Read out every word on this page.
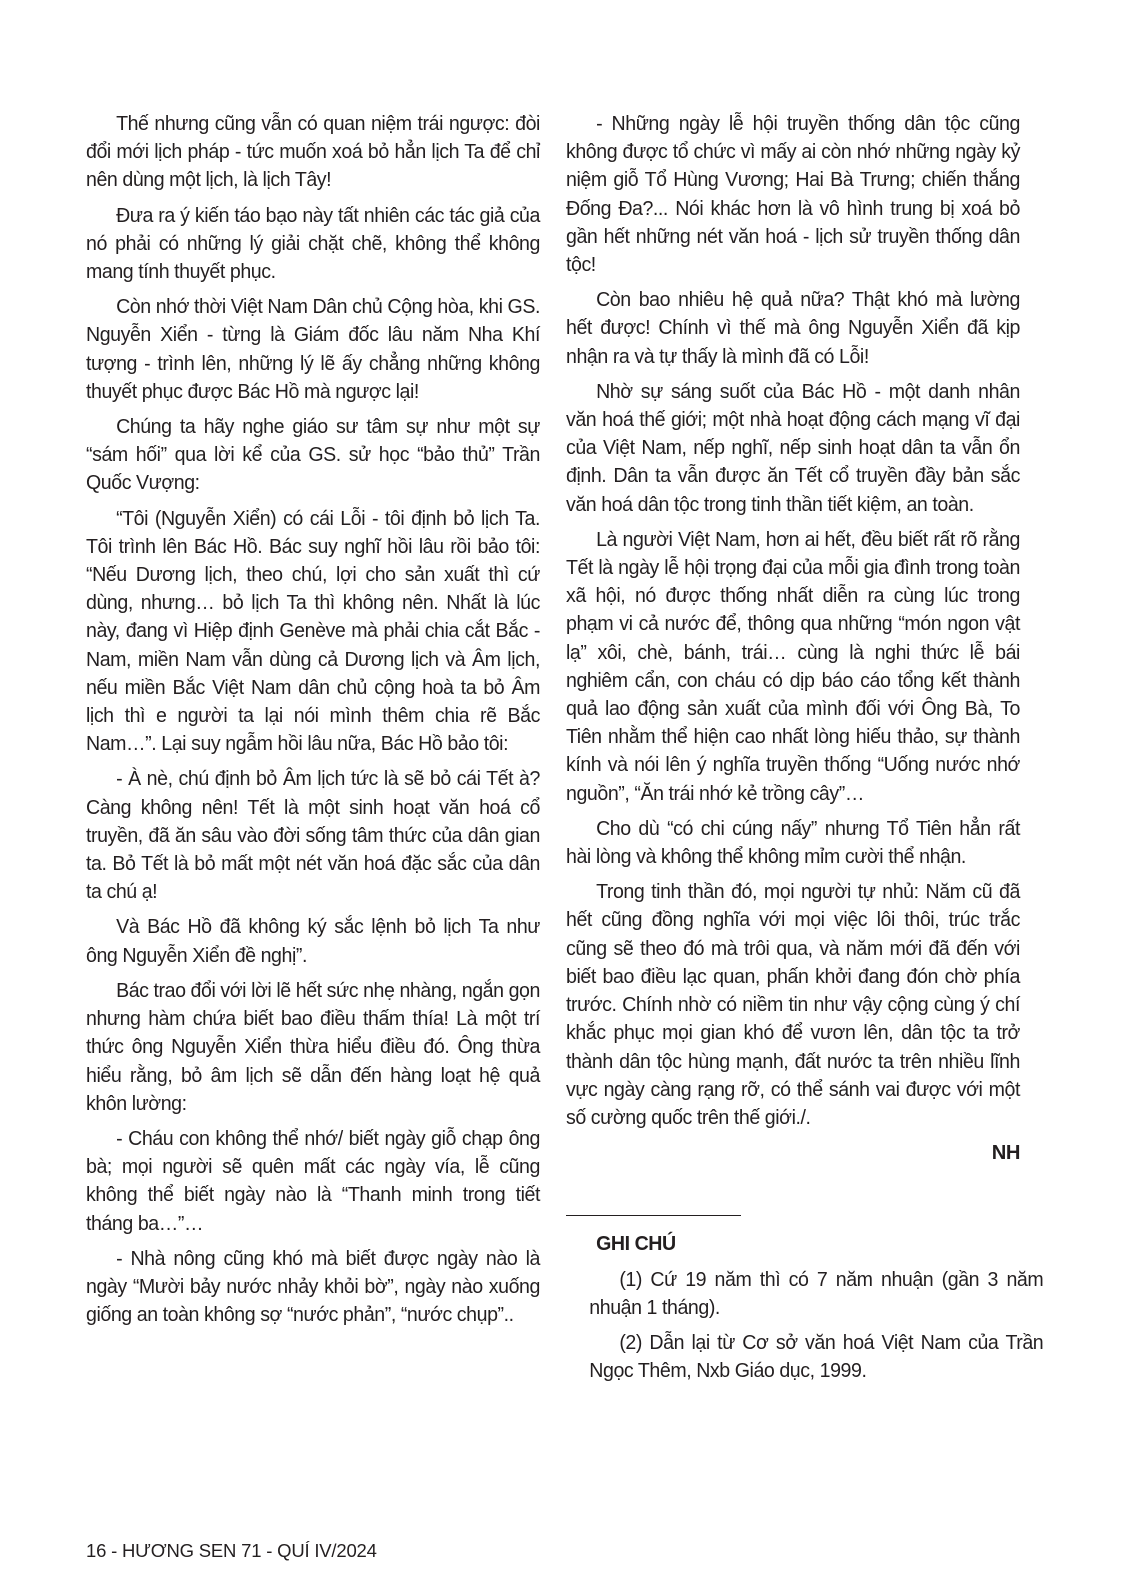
Thế nhưng cũng vẫn có quan niệm trái ngược: đòi đổi mới lịch pháp - tức muốn xoá bỏ hẳn lịch Ta để chỉ nên dùng một lịch, là lịch Tây!

Đưa ra ý kiến táo bạo này tất nhiên các tác giả của nó phải có những lý giải chặt chẽ, không thể không mang tính thuyết phục.

Còn nhớ thời Việt Nam Dân chủ Cộng hòa, khi GS. Nguyễn Xiển - từng là Giám đốc lâu năm Nha Khí tượng - trình lên, những lý lẽ ấy chẳng những không thuyết phục được Bác Hồ mà ngược lại!

Chúng ta hãy nghe giáo sư tâm sự như một sự “sám hối” qua lời kể của GS. sử học “bảo thủ” Trần Quốc Vượng:

“Tôi (Nguyễn Xiển) có cái Lỗi - tôi định bỏ lịch Ta. Tôi trình lên Bác Hồ. Bác suy nghĩ hồi lâu rồi bảo tôi: “Nếu Dương lịch, theo chú, lợi cho sản xuất thì cứ dùng, nhưng… bỏ lịch Ta thì không nên. Nhất là lúc này, đang vì Hiệp định Genève mà phải chia cắt Bắc - Nam, miền Nam vẫn dùng cả Dương lịch và Âm lịch, nếu miền Bắc Việt Nam dân chủ cộng hoà ta bỏ Âm lịch thì e người ta lại nói mình thêm chia rẽ Bắc Nam…”. Lại suy ngẫm hồi lâu nữa, Bác Hồ bảo tôi:

- À nè, chú định bỏ Âm lịch tức là sẽ bỏ cái Tết à? Càng không nên! Tết là một sinh hoạt văn hoá cổ truyền, đã ăn sâu vào đời sống tâm thức của dân gian ta. Bỏ Tết là bỏ mất một nét văn hoá đặc sắc của dân ta chú ạ!

Và Bác Hồ đã không ký sắc lệnh bỏ lịch Ta như ông Nguyễn Xiển đề nghị”.

Bác trao đổi với lời lẽ hết sức nhẹ nhàng, ngắn gọn nhưng hàm chứa biết bao điều thấm thía! Là một trí thức ông Nguyễn Xiển thừa hiểu điều đó. Ông thừa hiểu rằng, bỏ âm lịch sẽ dẫn đến hàng loạt hệ quả khôn lường:

- Cháu con không thể nhớ/ biết ngày giỗ chạp ông bà; mọi người sẽ quên mất các ngày vía, lễ cũng không thể biết ngày nào là “Thanh minh trong tiết tháng ba…”…

- Nhà nông cũng khó mà biết được ngày nào là ngày “Mười bảy nước nhảy khỏi bờ”, ngày nào xuống giống an toàn không sợ “nước phản”, “nước chụp”..

- Những ngày lễ hội truyền thống dân tộc cũng không được tổ chức vì mấy ai còn nhớ những ngày kỷ niệm giỗ Tổ Hùng Vương; Hai Bà Trưng; chiến thắng Đống Đa?... Nói khác hơn là vô hình trung bị xoá bỏ gần hết những nét văn hoá - lịch sử truyền thống dân tộc!

Còn bao nhiêu hệ quả nữa? Thật khó mà lường hết được! Chính vì thế mà ông Nguyễn Xiển đã kịp nhận ra và tự thấy là mình đã có Lỗi!

Nhờ sự sáng suốt của Bác Hồ - một danh nhân văn hoá thế giới; một nhà hoạt động cách mạng vĩ đại của Việt Nam, nếp nghĩ, nếp sinh hoạt dân ta vẫn ổn định. Dân ta vẫn được ăn Tết cổ truyền đầy bản sắc văn hoá dân tộc trong tinh thần tiết kiệm, an toàn.

Là người Việt Nam, hơn ai hết, đều biết rất rõ rằng Tết là ngày lễ hội trọng đại của mỗi gia đình trong toàn xã hội, nó được thống nhất diễn ra cùng lúc trong phạm vi cả nước để, thông qua những “món ngon vật lạ” xôi, chè, bánh, trái… cùng là nghi thức lễ bái nghiêm cẩn, con cháu có dịp báo cáo tổng kết thành quả lao động sản xuất của mình đối với Ông Bà, To Tiên nhằm thể hiện cao nhất lòng hiếu thảo, sự thành kính và nói lên ý nghĩa truyền thống “Uống nước nhớ nguồn”, “Ăn trái nhớ kẻ trồng cây”…

Cho dù “có chi cúng nấy” nhưng Tổ Tiên hẳn rất hài lòng và không thể không mỉm cười thể nhận.

Trong tinh thần đó, mọi người tự nhủ: Năm cũ đã hết cũng đồng nghĩa với mọi việc lôi thôi, trúc trắc cũng sẽ theo đó mà trôi qua, và năm mới đã đến với biết bao điều lạc quan, phấn khởi đang đón chờ phía trước. Chính nhờ có niềm tin như vậy cộng cùng ý chí khắc phục mọi gian khó để vươn lên, dân tộc ta trở thành dân tộc hùng mạnh, đất nước ta trên nhiều lĩnh vực ngày càng rạng rỡ, có thể sánh vai được với một số cường quốc trên thế giới./.

NH

GHI CHÚ

(1) Cứ 19 năm thì có 7 năm nhuận (gần 3 năm nhuận 1 tháng).

(2) Dẫn lại từ Cơ sở văn hoá Việt Nam của Trần Ngọc Thêm, Nxb Giáo dục, 1999.

16 - HƯƠNG SEN 71 - QUÍ IV/2024
